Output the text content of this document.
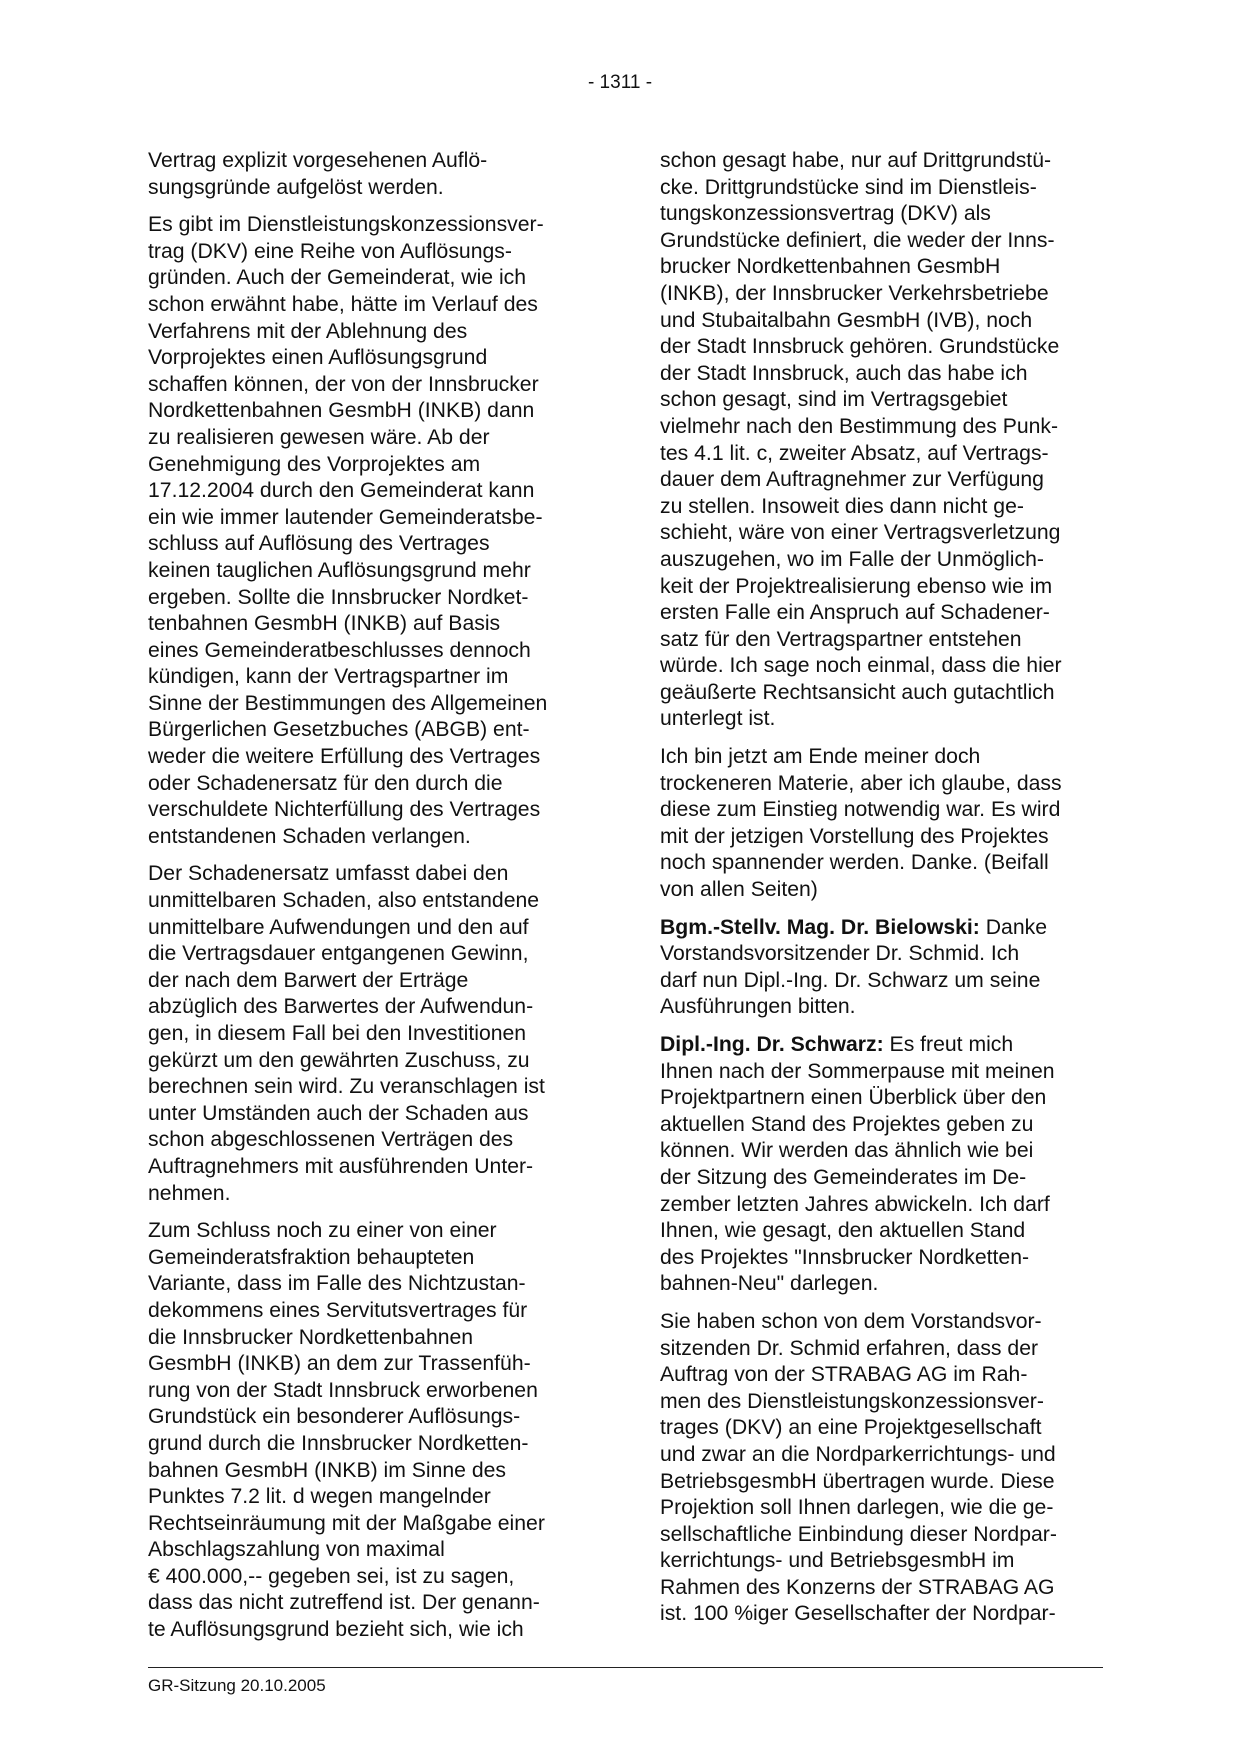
- 1311 -

Vertrag explizit vorgesehenen Auflö-
sungsgründe aufgelöst werden.

Es gibt im Dienstleistungskonzessionsver-
trag (DKV) eine Reihe von Auflösungs-
gründen. Auch der Gemeinderat, wie ich
schon erwähnt habe, hätte im Verlauf des
Verfahrens mit der Ablehnung des
Vorprojektes einen Auflösungsgrund
schaffen können, der von der Innsbrucker
Nordkettenbahnen GesmbH (INKB) dann
zu realisieren gewesen wäre. Ab der
Genehmigung des Vorprojektes am
17.12.2004 durch den Gemeinderat kann
ein wie immer lautender Gemeinderatsbe-
schluss auf Auflösung des Vertrages
keinen tauglichen Auflösungsgrund mehr
ergeben. Sollte die Innsbrucker Nordket-
tenbahnen GesmbH (INKB) auf Basis
eines Gemeinderatbeschlusses dennoch
kündigen, kann der Vertragspartner im
Sinne der Bestimmungen des Allgemeinen
Bürgerlichen Gesetzbuches (ABGB) ent-
weder die weitere Erfüllung des Vertrages
oder Schadenersatz für den durch die
verschuldete Nichterfüllung des Vertrages
entstandenen Schaden verlangen.

Der Schadenersatz umfasst dabei den
unmittelbaren Schaden, also entstandene
unmittelbare Aufwendungen und den auf
die Vertragsdauer entgangenen Gewinn,
der nach dem Barwert der Erträge
abzüglich des Barwertes der Aufwendun-
gen, in diesem Fall bei den Investitionen
gekürzt um den gewährten Zuschuss, zu
berechnen sein wird. Zu veranschlagen ist
unter Umständen auch der Schaden aus
schon abgeschlossenen Verträgen des
Auftragnehmers mit ausführenden Unter-
nehmen.

Zum Schluss noch zu einer von einer
Gemeinderatsfraktion behaupteten
Variante, dass im Falle des Nichtzustan-
dekommens eines Servitutsvertrages für
die Innsbrucker Nordkettenbahnen
GesmbH (INKB) an dem zur Trassenfüh-
rung von der Stadt Innsbruck erworbenen
Grundstück ein besonderer Auflösungs-
grund durch die Innsbrucker Nordketten-
bahnen GesmbH (INKB) im Sinne des
Punktes 7.2 lit. d wegen mangelnder
Rechtseinräumung mit der Maßgabe einer
Abschlagszahlung von maximal
€ 400.000,-- gegeben sei, ist zu sagen,
dass das nicht zutreffend ist. Der genann-
te Auflösungsgrund bezieht sich, wie ich

schon gesagt habe, nur auf Drittgrundstü-
cke. Drittgrundstücke sind im Dienstleis-
tungskonzessionsvertrag (DKV) als
Grundstücke definiert, die weder der Inns-
brucker Nordkettenbahnen GesmbH
(INKB), der Innsbrucker Verkehrsbetriebe
und Stubaitalbahn GesmbH (IVB), noch
der Stadt Innsbruck gehören. Grundstücke
der Stadt Innsbruck, auch das habe ich
schon gesagt, sind im Vertragsgebiet
vielmehr nach den Bestimmung des Punk-
tes 4.1 lit. c, zweiter Absatz, auf Vertrags-
dauer dem Auftragnehmer zur Verfügung
zu stellen. Insoweit dies dann nicht ge-
schieht, wäre von einer Vertragsverletzung
auszugehen, wo im Falle der Unmöglich-
keit der Projektrealisierung ebenso wie im
ersten Falle ein Anspruch auf Schadener-
satz für den Vertragspartner entstehen
würde. Ich sage noch einmal, dass die hier
geäußerte Rechtsansicht auch gutachtlich
unterlegt ist.

Ich bin jetzt am Ende meiner doch
trockeneren Materie, aber ich glaube, dass
diese zum Einstieg notwendig war. Es wird
mit der jetzigen Vorstellung des Projektes
noch spannender werden. Danke. (Beifall
von allen Seiten)

Bgm.-Stellv. Mag. Dr. Bielowski: Danke
Vorstandsvorsitzender Dr. Schmid. Ich
darf nun Dipl.-Ing. Dr. Schwarz um seine
Ausführungen bitten.

Dipl.-Ing. Dr. Schwarz: Es freut mich
Ihnen nach der Sommerpause mit meinen
Projektpartnern einen Überblick über den
aktuellen Stand des Projektes geben zu
können. Wir werden das ähnlich wie bei
der Sitzung des Gemeinderates im De-
zember letzten Jahres abwickeln. Ich darf
Ihnen, wie gesagt, den aktuellen Stand
des Projektes "Innsbrucker Nordketten-
bahnen-Neu" darlegen.

Sie haben schon von dem Vorstandsvor-
sitzenden Dr. Schmid erfahren, dass der
Auftrag von der STRABAG AG im Rah-
men des Dienstleistungskonzessionsver-
trages (DKV) an eine Projektgesellschaft
und zwar an die Nordparkerrichtungs- und
BetriebsgesmbH übertragen wurde. Diese
Projektion soll Ihnen darlegen, wie die ge-
sellschaftliche Einbindung dieser Nordpar-
kerrichtungs- und BetriebsgesmbH im
Rahmen des Konzerns der STRABAG AG
ist. 100 %iger Gesellschafter der Nordpar-

GR-Sitzung 20.10.2005
